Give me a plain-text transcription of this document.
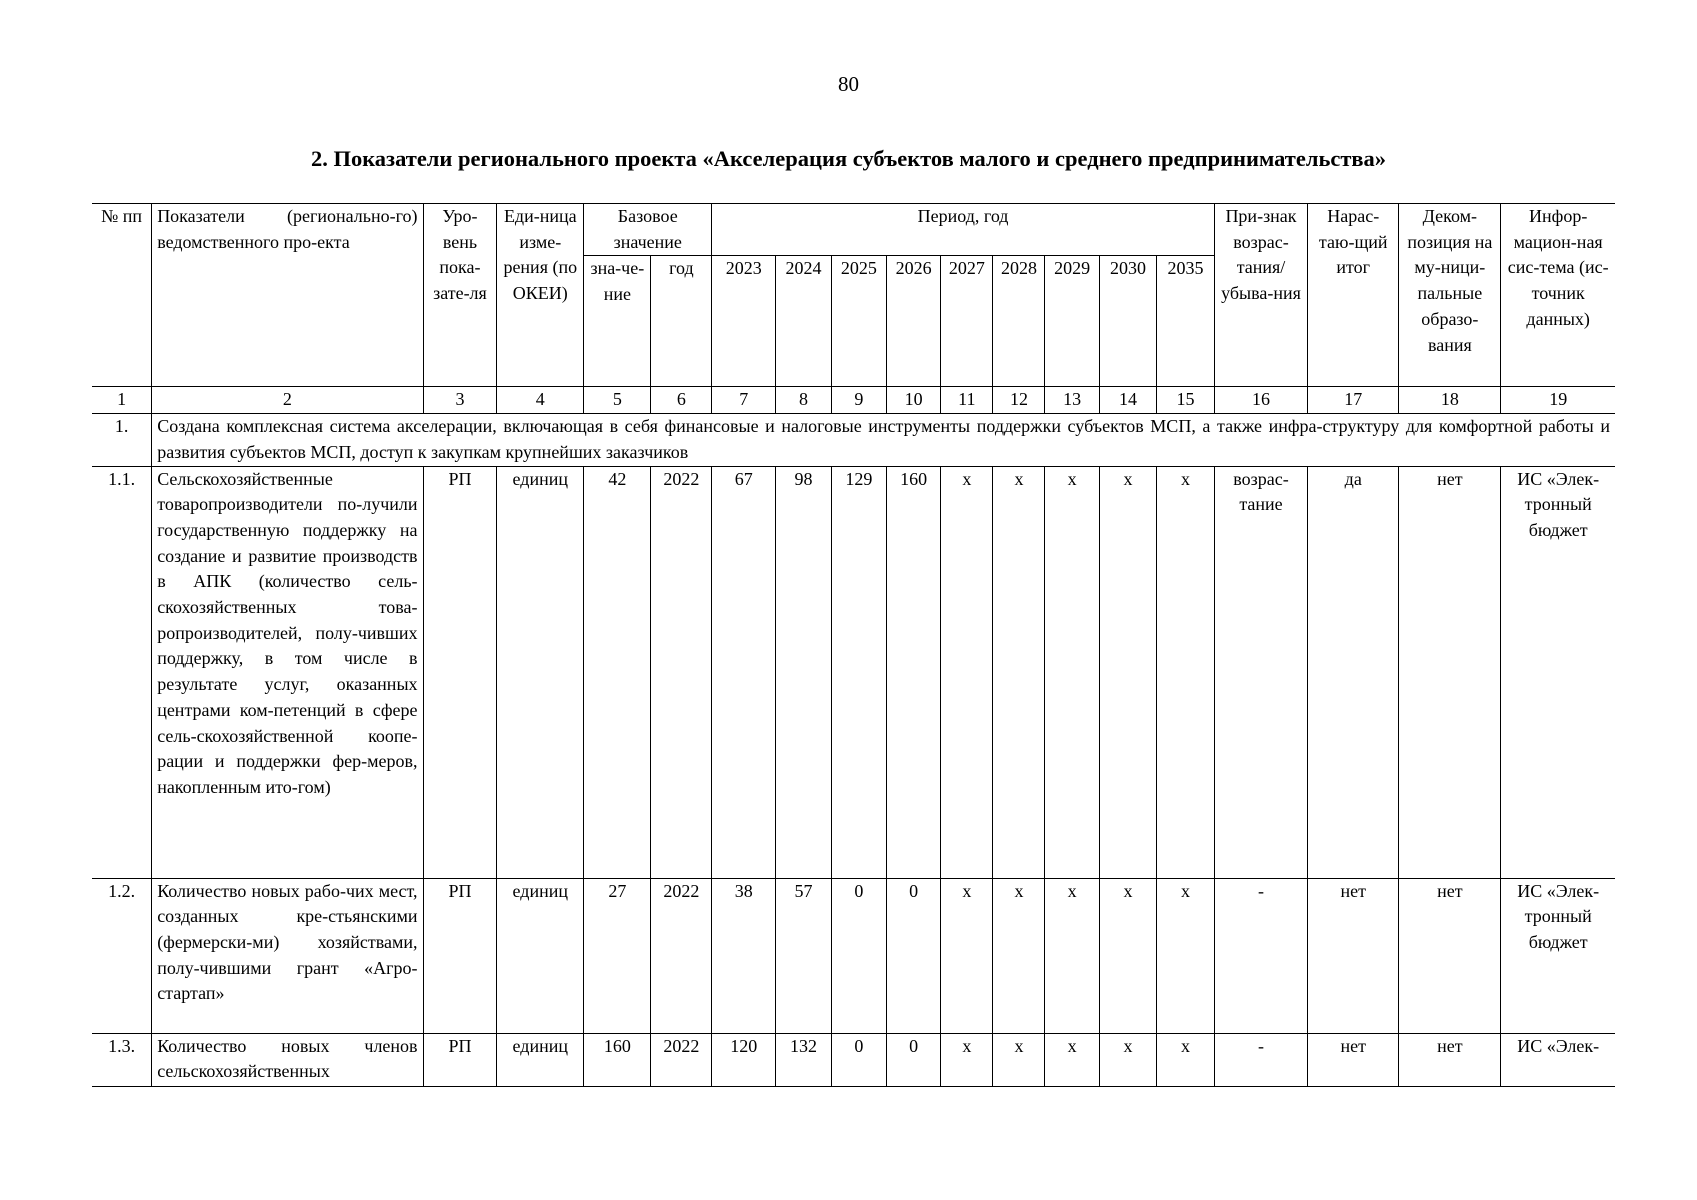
80
2. Показатели регионального проекта «Акселерация субъектов малого и среднего предпринимательства»
№ пп	Показатели (регионально-го) ведомственного про-екта	Уро-вень пока-зате-ля	Еди-ница изме-рения (по ОКЕИ)	Базовое значение		Период, год									При-знак возрас-тания/ убыва-ния	Нарас-таю-щий итог	Деком-позиция на му-ници-пальные образо-вания	Инфор-мацион-ная сис-тема (ис-точник данных)
				зна-че-ние	год	2023	2024	2025	2026	2027	2028	2029	2030	2035				
1	2	3	4	5	6	7	8	9	10	11	12	13	14	15	16	17	18	19
1.	Создана комплексная система акселерации, включающая в себя финансовые и налоговые инструменты поддержки субъектов МСП, а также инфра-структуру для комфортной работы и развития субъектов МСП, доступ к закупкам крупнейших заказчиков																	
1.1.	Сельскохозяйственные товаропроизводители по-лучили государственную поддержку на создание и развитие производств в АПК (количество сель-скохозяйственных това-ропроизводителей, полу-чивших поддержку, в том числе в результате услуг, оказанных центрами ком-петенций в сфере сель-скохозяйственной коопе-рации и поддержки фер-меров, накопленным ито-гом)	РП	единиц	42	2022	67	98	129	160	х	х	х	х	х	возрас-тание	да	нет	ИС «Элек-тронный бюджет
1.2.	Количество новых рабо-чих мест, созданных кре-стьянскими (фермерски-ми) хозяйствами, полу-чившими грант «Агро-стартап»	РП	единиц	27	2022	38	57	0	0	х	х	х	х	х	-	нет	нет	ИС «Элек-тронный бюджет
1.3.	Количество новых членов сельскохозяйственных	РП	единиц	160	2022	120	132	0	0	х	х	х	х	х	-	нет	нет	ИС «Элек-
